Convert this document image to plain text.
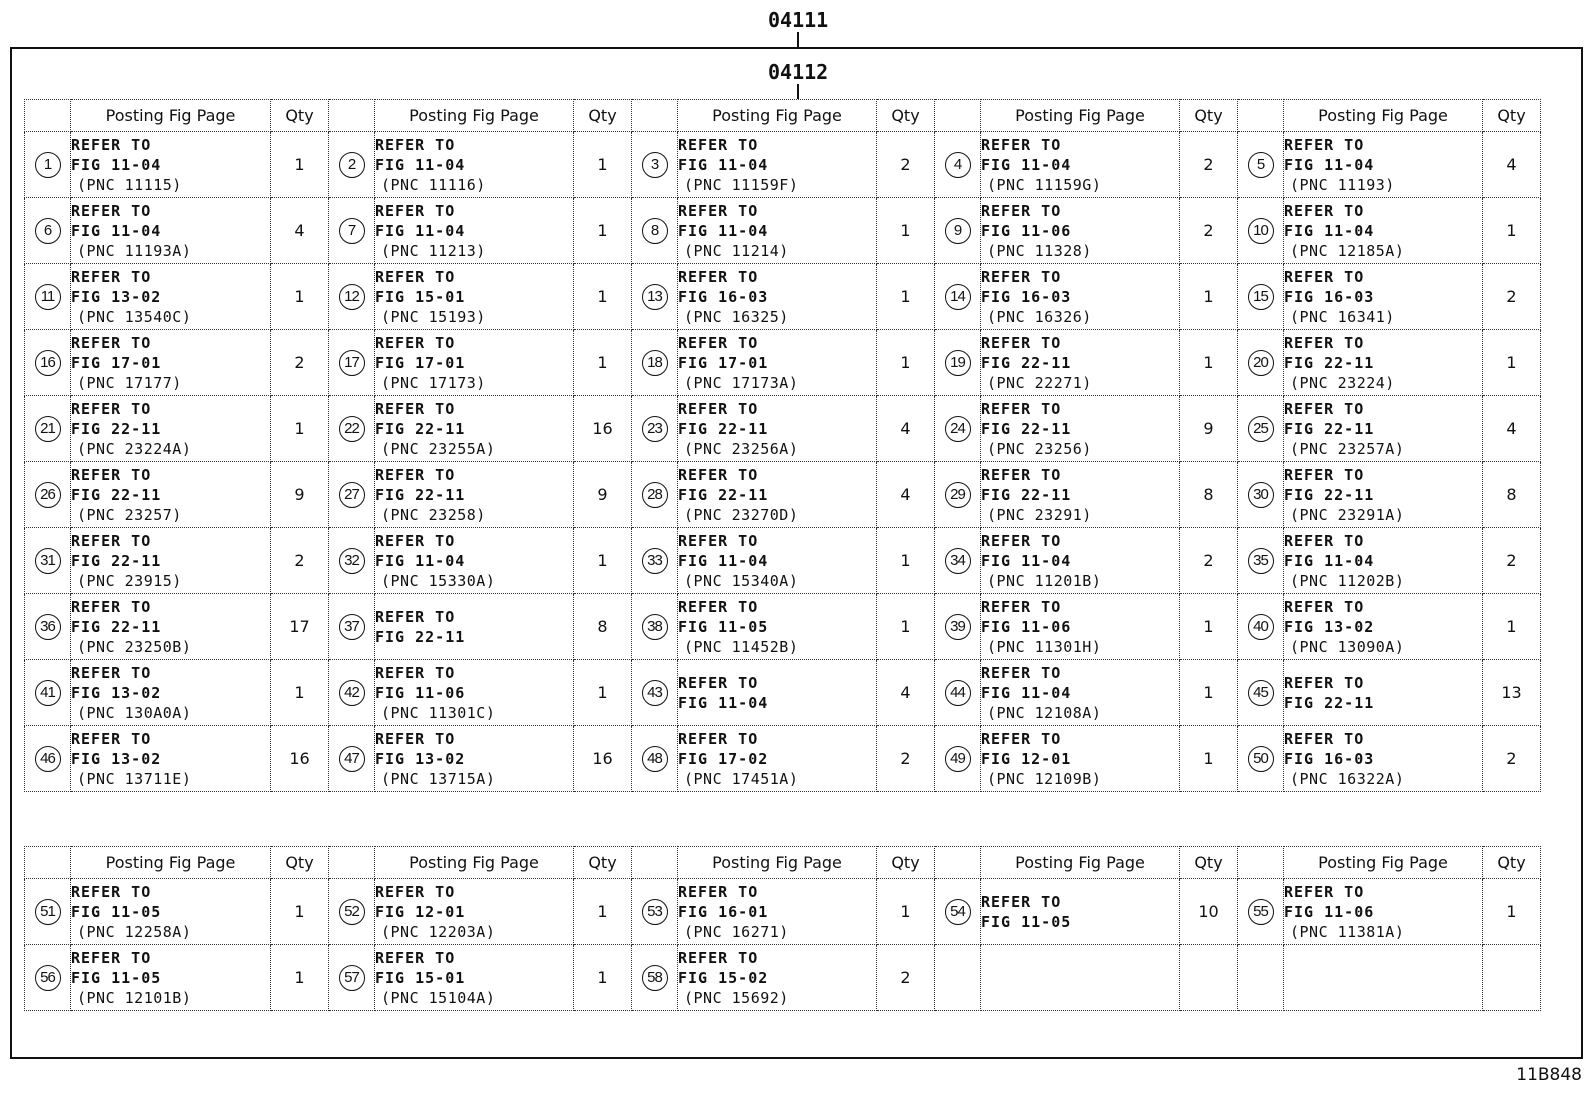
04111
04112
	Posting Fig Page	Qty		Posting Fig Page	Qty		Posting Fig Page	Qty		Posting Fig Page	Qty		Posting Fig Page	Qty
1	REFER TO
FIG 11-04
(PNC 11115)	1	2	REFER TO
FIG 11-04
(PNC 11116)	1	3	REFER TO
FIG 11-04
(PNC 11159F)	2	4	REFER TO
FIG 11-04
(PNC 11159G)	2	5	REFER TO
FIG 11-04
(PNC 11193)	4
6	REFER TO
FIG 11-04
(PNC 11193A)	4	7	REFER TO
FIG 11-04
(PNC 11213)	1	8	REFER TO
FIG 11-04
(PNC 11214)	1	9	REFER TO
FIG 11-06
(PNC 11328)	2	10	REFER TO
FIG 11-04
(PNC 12185A)	1
11	REFER TO
FIG 13-02
(PNC 13540C)	1	12	REFER TO
FIG 15-01
(PNC 15193)	1	13	REFER TO
FIG 16-03
(PNC 16325)	1	14	REFER TO
FIG 16-03
(PNC 16326)	1	15	REFER TO
FIG 16-03
(PNC 16341)	2
16	REFER TO
FIG 17-01
(PNC 17177)	2	17	REFER TO
FIG 17-01
(PNC 17173)	1	18	REFER TO
FIG 17-01
(PNC 17173A)	1	19	REFER TO
FIG 22-11
(PNC 22271)	1	20	REFER TO
FIG 22-11
(PNC 23224)	1
21	REFER TO
FIG 22-11
(PNC 23224A)	1	22	REFER TO
FIG 22-11
(PNC 23255A)	16	23	REFER TO
FIG 22-11
(PNC 23256A)	4	24	REFER TO
FIG 22-11
(PNC 23256)	9	25	REFER TO
FIG 22-11
(PNC 23257A)	4
26	REFER TO
FIG 22-11
(PNC 23257)	9	27	REFER TO
FIG 22-11
(PNC 23258)	9	28	REFER TO
FIG 22-11
(PNC 23270D)	4	29	REFER TO
FIG 22-11
(PNC 23291)	8	30	REFER TO
FIG 22-11
(PNC 23291A)	8
31	REFER TO
FIG 22-11
(PNC 23915)	2	32	REFER TO
FIG 11-04
(PNC 15330A)	1	33	REFER TO
FIG 11-04
(PNC 15340A)	1	34	REFER TO
FIG 11-04
(PNC 11201B)	2	35	REFER TO
FIG 11-04
(PNC 11202B)	2
36	REFER TO
FIG 22-11
(PNC 23250B)	17	37	REFER TO
FIG 22-11	8	38	REFER TO
FIG 11-05
(PNC 11452B)	1	39	REFER TO
FIG 11-06
(PNC 11301H)	1	40	REFER TO
FIG 13-02
(PNC 13090A)	1
41	REFER TO
FIG 13-02
(PNC 130A0A)	1	42	REFER TO
FIG 11-06
(PNC 11301C)	1	43	REFER TO
FIG 11-04	4	44	REFER TO
FIG 11-04
(PNC 12108A)	1	45	REFER TO
FIG 22-11	13
46	REFER TO
FIG 13-02
(PNC 13711E)	16	47	REFER TO
FIG 13-02
(PNC 13715A)	16	48	REFER TO
FIG 17-02
(PNC 17451A)	2	49	REFER TO
FIG 12-01
(PNC 12109B)	1	50	REFER TO
FIG 16-03
(PNC 16322A)	2
	Posting Fig Page	Qty		Posting Fig Page	Qty		Posting Fig Page	Qty		Posting Fig Page	Qty		Posting Fig Page	Qty
51	REFER TO
FIG 11-05
(PNC 12258A)	1	52	REFER TO
FIG 12-01
(PNC 12203A)	1	53	REFER TO
FIG 16-01
(PNC 16271)	1	54	REFER TO
FIG 11-05	10	55	REFER TO
FIG 11-06
(PNC 11381A)	1
56	REFER TO
FIG 11-05
(PNC 12101B)	1	57	REFER TO
FIG 15-01
(PNC 15104A)	1	58	REFER TO
FIG 15-02
(PNC 15692)	2						
11B848
